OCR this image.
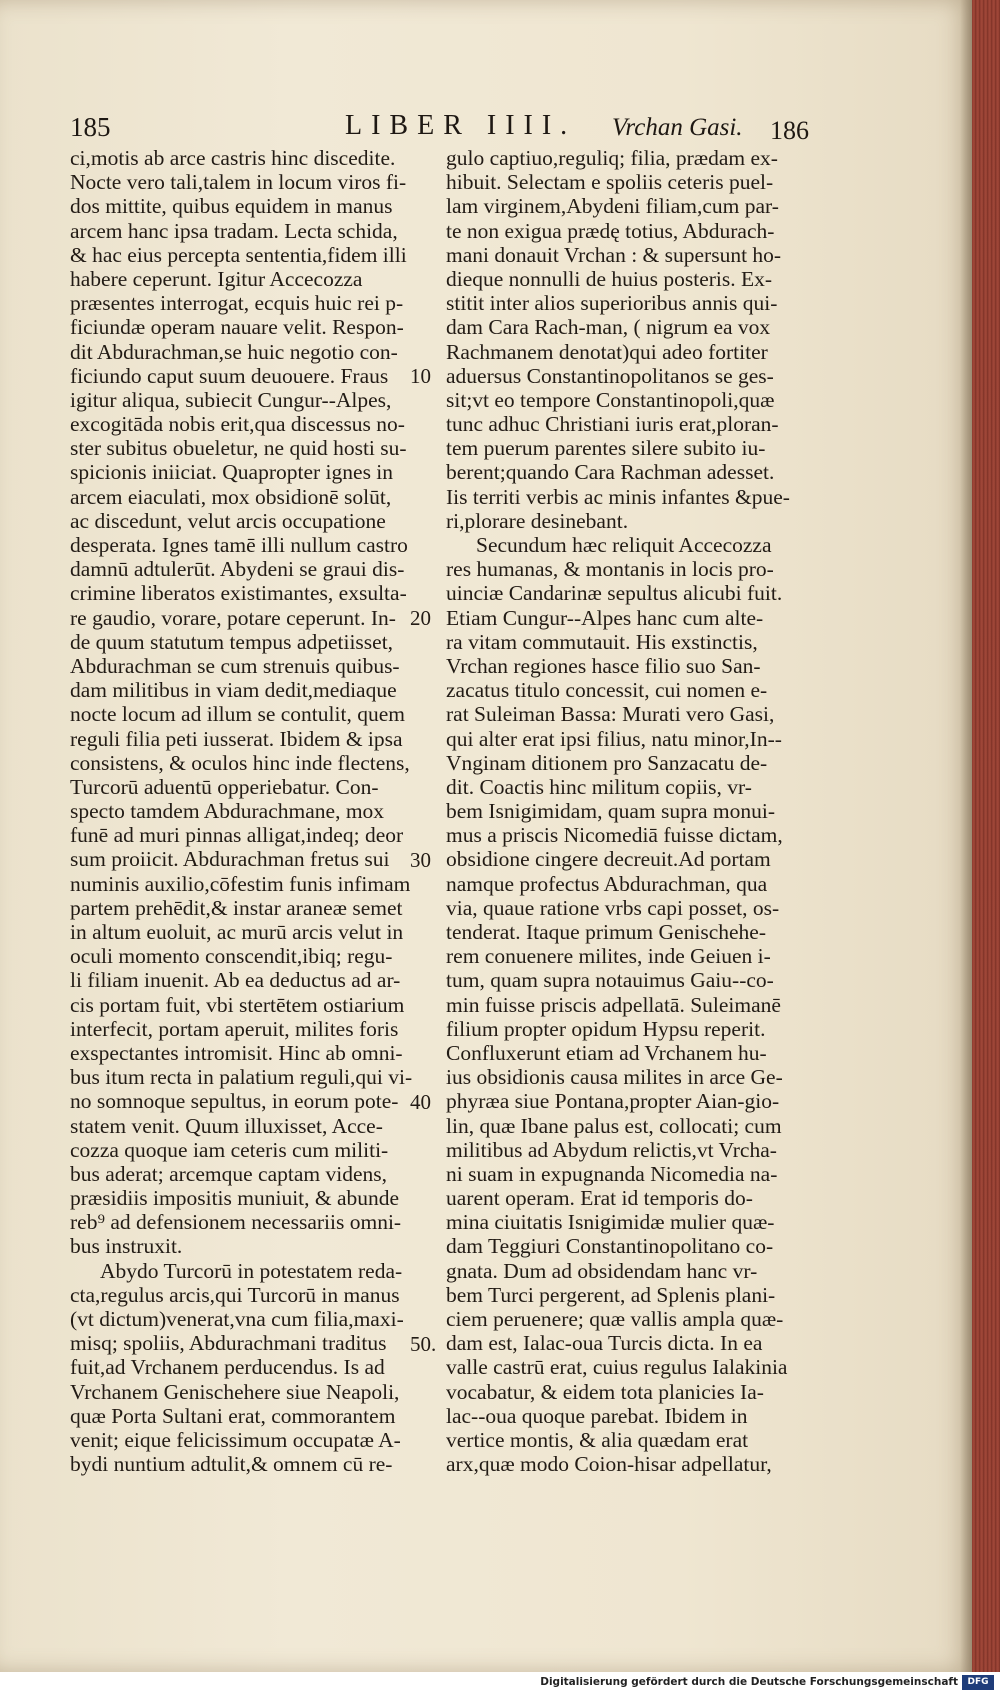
185	LIBER IIII. Vrchan Gasi. 186
ci,motis ab arce castris hinc discedite.
Nocte vero tali,talem in locum viros fi-
dos mittite, quibus equidem in manus
arcem hanc ipsa tradam. Lecta schida,
& hac eius percepta sententia,fidem illi
habere ceperunt. Igitur Accecozza
præsentes interrogat, ecquis huic rei p-
ficiundæ operam nauare velit. Respon-
dit Abdurachman,se huic negotio con-
ficiundo caput suum deuouere. Fraus
igitur aliqua, subiecit Cungur--Alpes,
excogitāda nobis erit,qua discessus no-
ster subitus obueletur, ne quid hosti su-
spicionis iniiciat. Quapropter ignes in
arcem eiaculati, mox obsidionē solūt,
ac discedunt, velut arcis occupatione
desperata. Ignes tamē illi nullum castro
damnū adtulerūt. Abydeni se graui dis-
crimine liberatos existimantes, exsulta-
re gaudio, vorare, potare ceperunt. In-
de quum statutum tempus adpetiisset,
Abdurachman se cum strenuis quibus-
dam militibus in viam dedit,mediaque
nocte locum ad illum se contulit, quem
reguli filia peti iusserat. Ibidem & ipsa
consistens, & oculos hinc inde flectens,
Turcorū aduentū opperiebatur. Con-
specto tamdem Abdurachmane, mox
funē ad muri pinnas alligat,indeq; deor
sum proiicit. Abdurachman fretus sui
numinis auxilio,cōfestim funis infimam
partem prehēdit,& instar araneæ semet
in altum euoluit, ac murū arcis velut in
oculi momento conscendit,ibiq; regu-
li filiam inuenit. Ab ea deductus ad ar-
cis portam fuit, vbi stertētem ostiarium
interfecit, portam aperuit, milites foris
exspectantes intromisit. Hinc ab omni-
bus itum recta in palatium reguli,qui vi-
no somnoque sepultus, in eorum pote-
statem venit. Quum illuxisset, Acce-
cozza quoque iam ceteris cum militi-
bus aderat; arcemque captam videns,
præsidiis impositis muniuit, & abunde
reb⁹ ad defensionem necessariis omni-
bus instruxit.
Abydo Turcorū in potestatem reda-
cta,regulus arcis,qui Turcorū in manus
(vt dictum)venerat,vna cum filia,maxi-
misq; spoliis, Abdurachmani traditus
fuit,ad Vrchanem perducendus. Is ad
Vrchanem Genischehere siue Neapoli,
quæ Porta Sultani erat, commorantem
venit; eique felicissimum occupatæ A-
bydi nuntium adtulit,& omnem cū re-
gulo captiuo,reguliq; filia, prædam ex-
hibuit. Selectam e spoliis ceteris puel-
lam virginem,Abydeni filiam,cum par-
te non exigua prædę totius, Abdurach-
mani donauit Vrchan : & supersunt ho-
dieque nonnulli de huius posteris. Ex-
stitit inter alios superioribus annis qui-
dam Cara Rach-man, ( nigrum ea vox
Rachmanem denotat)qui adeo fortiter
aduersus Constantinopolitanos se ges-
sit;vt eo tempore Constantinopoli,quæ
tunc adhuc Christiani iuris erat,ploran-
tem puerum parentes silere subito iu-
berent;quando Cara Rachman adesset.
Iis territi verbis ac minis infantes &pue-
ri,plorare desinebant.
Secundum hæc reliquit Accecozza
res humanas, & montanis in locis pro-
uinciæ Candarinæ sepultus alicubi fuit.
Etiam Cungur--Alpes hanc cum alte-
ra vitam commutauit. His exstinctis,
Vrchan regiones hasce filio suo San-
zacatus titulo concessit, cui nomen e-
rat Suleiman Bassa: Murati vero Gasi,
qui alter erat ipsi filius, natu minor,In--
Vnginam ditionem pro Sanzacatu de-
dit. Coactis hinc militum copiis, vr-
bem Isnigimidam, quam supra monui-
mus a priscis Nicomediā fuisse dictam,
obsidione cingere decreuit.Ad portam
namque profectus Abdurachman, qua
via, quaue ratione vrbs capi posset, os-
tenderat. Itaque primum Genischehe-
rem conuenere milites, inde Geiuen i-
tum, quam supra notauimus Gaiu--co-
min fuisse priscis adpellatā. Suleimanē
filium propter opidum Hypsu reperit.
Confluxerunt etiam ad Vrchanem hu-
ius obsidionis causa milites in arce Ge-
phyræa siue Pontana,propter Aian-gio-
lin, quæ Ibane palus est, collocati; cum
militibus ad Abydum relictis,vt Vrcha-
ni suam in expugnanda Nicomedia na-
uarent operam. Erat id temporis do-
mina ciuitatis Isnigimidæ mulier quæ-
dam Teggiuri Constantinopolitano co-
gnata. Dum ad obsidendam hanc vr-
bem Turci pergerent, ad Splenis plani-
ciem peruenere; quæ vallis ampla quæ-
dam est, Ialac-oua Turcis dicta. In ea
valle castrū erat, cuius regulus Ialakinia
vocabatur, & eidem tota planicies Ia-
lac--oua quoque parebat. Ibidem in
vertice montis, & alia quædam erat
arx,quæ modo Coion-hisar adpellatur,
10
20
30
40
50.
Digitalisierung gefördert durch die Deutsche Forschungsgemeinschaft	DFG
